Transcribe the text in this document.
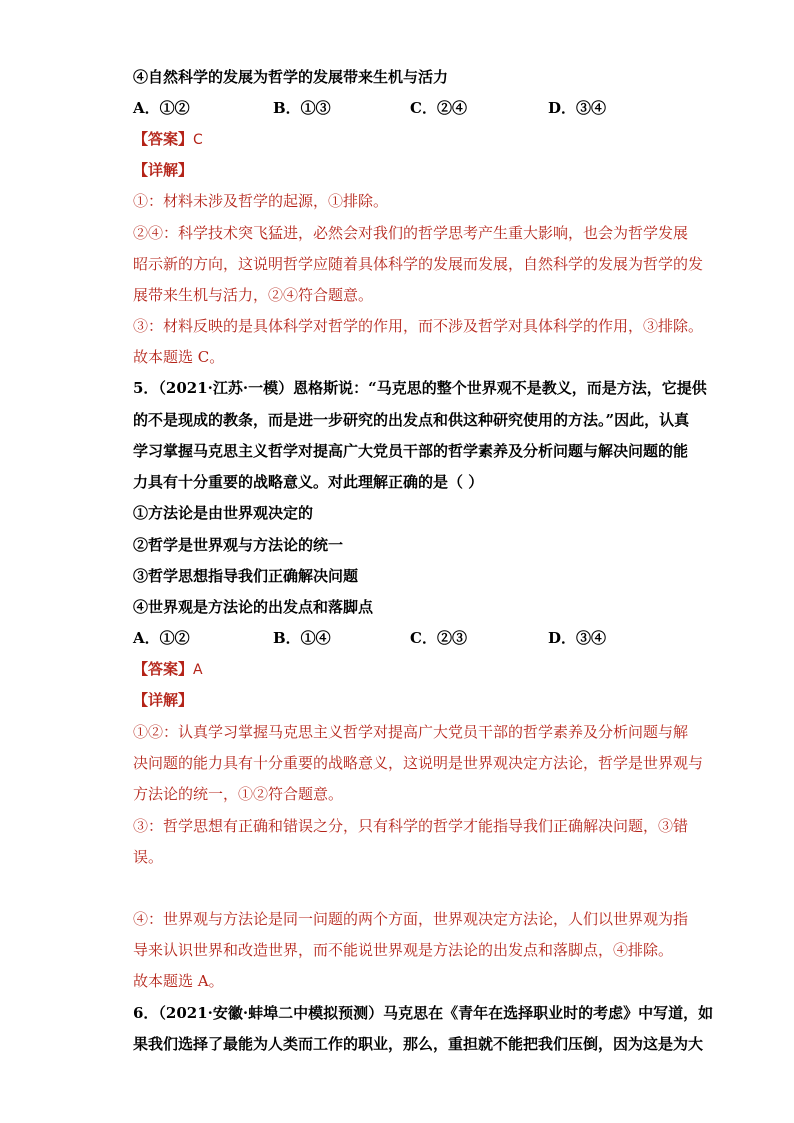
④自然科学的发展为哲学的发展带来生机与活力
A．①②	B．①③	C．②④	D．③④
【答案】C
【详解】
①：材料未涉及哲学的起源，①排除。
②④：科学技术突飞猛进，必然会对我们的哲学思考产生重大影响，也会为哲学发展
昭示新的方向，这说明哲学应随着具体科学的发展而发展，自然科学的发展为哲学的发
展带来生机与活力，②④符合题意。
③：材料反映的是具体科学对哲学的作用，而不涉及哲学对具体科学的作用，③排除。
故本题选 C。
5．（2021·江苏·一模）恩格斯说：“马克思的整个世界观不是教义，而是方法，它提供
的不是现成的教条，而是进一步研究的出发点和供这种研究使用的方法。”因此，认真
学习掌握马克思主义哲学对提高广大党员干部的哲学素养及分析问题与解决问题的能
力具有十分重要的战略意义。对此理解正确的是（ ）
①方法论是由世界观决定的
②哲学是世界观与方法论的统一
③哲学思想指导我们正确解决问题
④世界观是方法论的出发点和落脚点
A．①②	B．①④	C．②③	D．③④
【答案】A
【详解】
①②：认真学习掌握马克思主义哲学对提高广大党员干部的哲学素养及分析问题与解
决问题的能力具有十分重要的战略意义，这说明是世界观决定方法论，哲学是世界观与
方法论的统一，①②符合题意。
③：哲学思想有正确和错误之分，只有科学的哲学才能指导我们正确解决问题，③错
误。
④：世界观与方法论是同一问题的两个方面，世界观决定方法论，人们以世界观为指
导来认识世界和改造世界，而不能说世界观是方法论的出发点和落脚点，④排除。
故本题选 A。
6．（2021·安徽·蚌埠二中模拟预测）马克思在《青年在选择职业时的考虑》中写道，如
果我们选择了最能为人类而工作的职业，那么，重担就不能把我们压倒，因为这是为大
